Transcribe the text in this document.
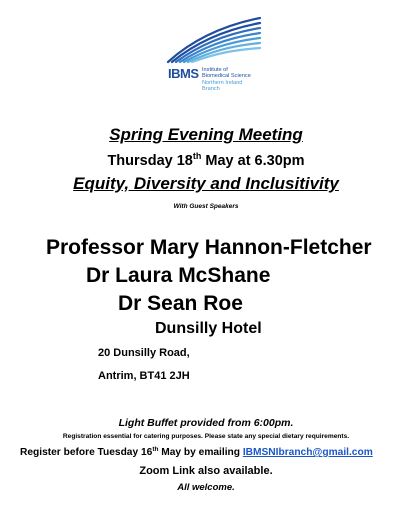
IBMS Institute of
Biomedical Science
Northern Ireland
Branch
Spring Evening Meeting
Thursday 18th May at 6.30pm
Equity, Diversity and Inclusitivity
With Guest Speakers
Professor Mary Hannon-Fletcher
Dr Laura McShane
Dr Sean Roe
Dunsilly Hotel
20 Dunsilly Road,
Antrim, BT41 2JH
Light Buffet provided from 6:00pm.
Registration essential for catering purposes. Please state any special dietary requirements.
Register before Tuesday 16th May by emailing IBMSNIbranch@gmail.com
Zoom Link also available.
All welcome.
